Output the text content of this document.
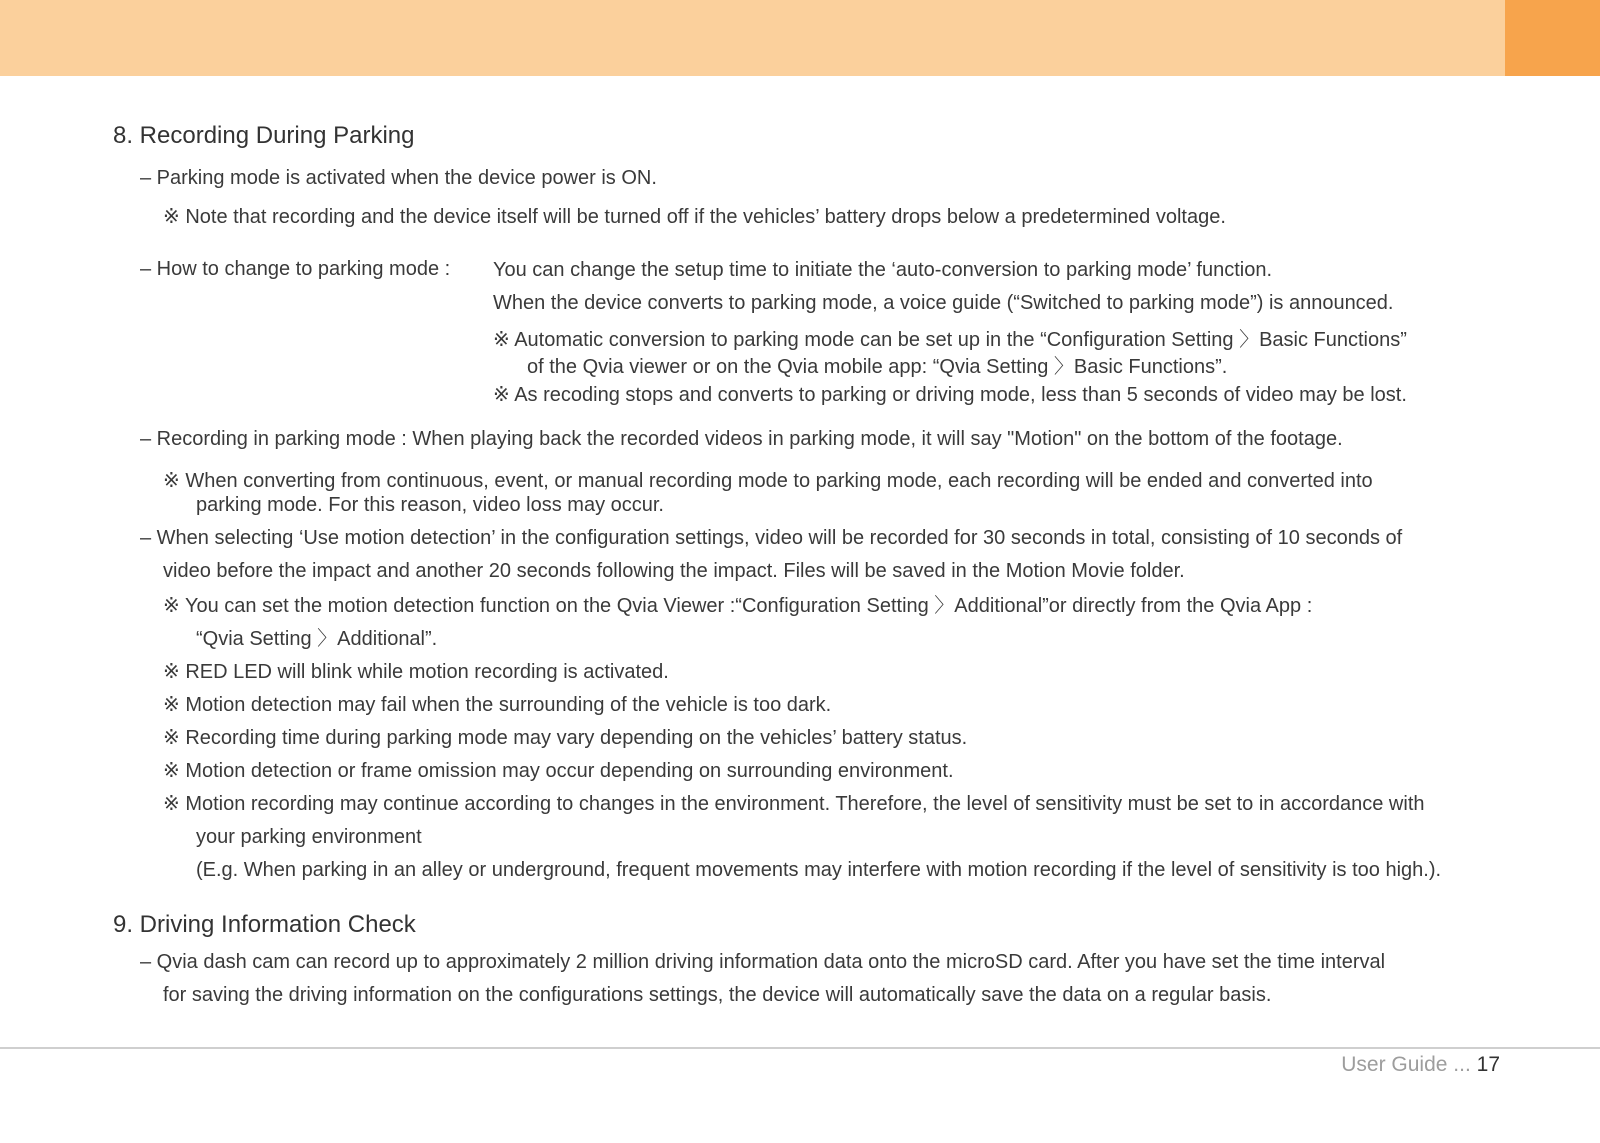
8. Recording During Parking
– Parking mode is activated when the device power is ON.
※ Note that recording and the device itself will be turned off if the vehicles’ battery drops below a predetermined voltage.
– How to change to parking mode : You can change the setup time to initiate the ‘auto-conversion to parking mode’ function.
When the device converts to parking mode, a voice guide (“Switched to parking mode”) is announced.
※ Automatic conversion to parking mode can be set up in the “Configuration Setting 〉Basic Functions”
of the Qvia viewer or on the Qvia mobile app: “Qvia Setting 〉Basic Functions”.
※ As recoding stops and converts to parking or driving mode, less than 5 seconds of video may be lost.
– Recording in parking mode : When playing back the recorded videos in parking mode, it will say "Motion" on the bottom of the footage.
※ When converting from continuous, event, or manual recording mode to parking mode, each recording will be ended and converted into
parking mode. For this reason, video loss may occur.
– When selecting ‘Use motion detection’ in the configuration settings, video will be recorded for 30 seconds in total, consisting of 10 seconds of
video before the impact and another 20 seconds following the impact. Files will be saved in the Motion Movie folder.
※ You can set the motion detection function on the Qvia Viewer :“Configuration Setting 〉Additional”or directly from the Qvia App :
“Qvia Setting 〉Additional”.
※ RED LED will blink while motion recording is activated.
※ Motion detection may fail when the surrounding of the vehicle is too dark.
※ Recording time during parking mode may vary depending on the vehicles’ battery status.
※ Motion detection or frame omission may occur depending on surrounding environment.
※ Motion recording may continue according to changes in the environment. Therefore, the level of sensitivity must be set to in accordance with
your parking environment
(E.g. When parking in an alley or underground, frequent movements may interfere with motion recording if the level of sensitivity is too high.).
9. Driving Information Check
– Qvia dash cam can record up to approximately 2 million driving information data onto the microSD card. After you have set the time interval
for saving the driving information on the configurations settings, the device will automatically save the data on a regular basis.
User Guide ... 17
